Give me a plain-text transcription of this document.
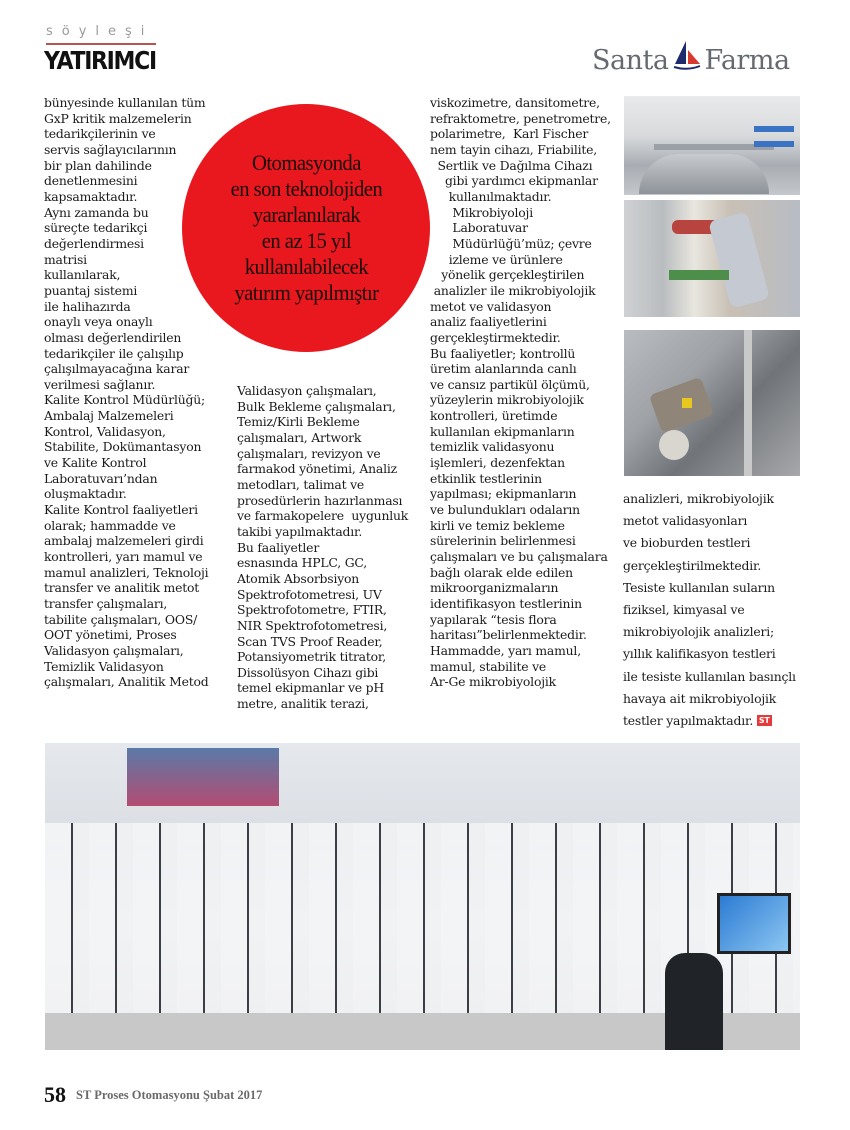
söyleşi
YATIRIMCI	Santa Farma
bünyesinde kullanılan tüm
GxP kritik malzemelerin
tedarikçilerinin ve
servis sağlayıcılarının
bir plan dahilinde
denetlenmesini
kapsamaktadır.
Aynı zamanda bu
süreçte tedarikçi
değerlendirmesi
matrisi
kullanılarak,
puantaj sistemi
ile halihazırda
onaylı veya onaylı
olması değerlendirilen
tedarikçiler ile çalışılıp
çalışılmayacağına karar
verilmesi sağlanır.
Kalite Kontrol Müdürlüğü;
Ambalaj Malzemeleri
Kontrol, Validasyon,
Stabilite, Dokümantasyon
ve Kalite Kontrol
Laboratuvarı’ndan
oluşmaktadır.
Kalite Kontrol faaliyetleri
olarak; hammadde ve
ambalaj malzemeleri girdi
kontrolleri, yarı mamul ve
mamul analizleri, Teknoloji
transfer ve analitik metot
transfer çalışmaları,
tabilite çalışmaları, OOS/
OOT yönetimi, Proses
Validasyon çalışmaları,
Temizlik Validasyon
çalışmaları, Analitik Metod
Otomasyonda
en son teknolojiden
yararlanılarak
en az 15 yıl
kullanılabilecek
yatırım yapılmıştır
Validasyon çalışmaları,
Bulk Bekleme çalışmaları,
Temiz/Kirli Bekleme
çalışmaları, Artwork
çalışmaları, revizyon ve
farmakod yönetimi, Analiz
metodları, talimat ve
prosedürlerin hazırlanması
ve farmakopelere  uygunluk
takibi yapılmaktadır.
Bu faaliyetler
esnasında HPLC, GC,
Atomik Absorbsiyon
Spektrofotometresi, UV
Spektrofotometre, FTIR,
NIR Spektrofotometresi,
Scan TVS Proof Reader,
Potansiyometrik titrator,
Dissolüsyon Cihazı gibi
temel ekipmanlar ve pH
metre, analitik terazi,
viskozimetre, dansitometre,
refraktometre, penetrometre,
polarimetre,  Karl Fischer
nem tayin cihazı, Friabilite,
Sertlik ve Dağılma Cihazı
gibi yardımcı ekipmanlar
kullanılmaktadır.
Mikrobiyoloji
Laboratuvar
Müdürlüğü’müz; çevre
izleme ve ürünlere
yönelik gerçekleştirilen
analizler ile mikrobiyolojik
metot ve validasyon
analiz faaliyetlerini
gerçekleştirmektedir.
Bu faaliyetler; kontrollü
üretim alanlarında canlı
ve cansız partikül ölçümü,
yüzeylerin mikrobiyolojik
kontrolleri, üretimde
kullanılan ekipmanların
temizlik validasyonu
işlemleri, dezenfektan
etkinlik testlerinin
yapılması; ekipmanların
ve bulundukları odaların
kirli ve temiz bekleme
sürelerinin belirlenmesi
çalışmaları ve bu çalışmalara
bağlı olarak elde edilen
mikroorganizmaların
identifikasyon testlerinin
yapılarak “tesis flora
haritası”belirlenmektedir.
Hammadde, yarı mamul,
mamul, stabilite ve
Ar-Ge mikrobiyolojik
analizleri, mikrobiyolojik
metot validasyonları
ve bioburden testleri
gerçekleştirilmektedir.
Tesiste kullanılan suların
fiziksel, kimyasal ve
mikrobiyolojik analizleri;
yıllık kalifikasyon testleri
ile tesiste kullanılan basınçlı
havaya ait mikrobiyolojik
testler yapılmaktadır. ST
58 ST Proses Otomasyonu Şubat 2017
